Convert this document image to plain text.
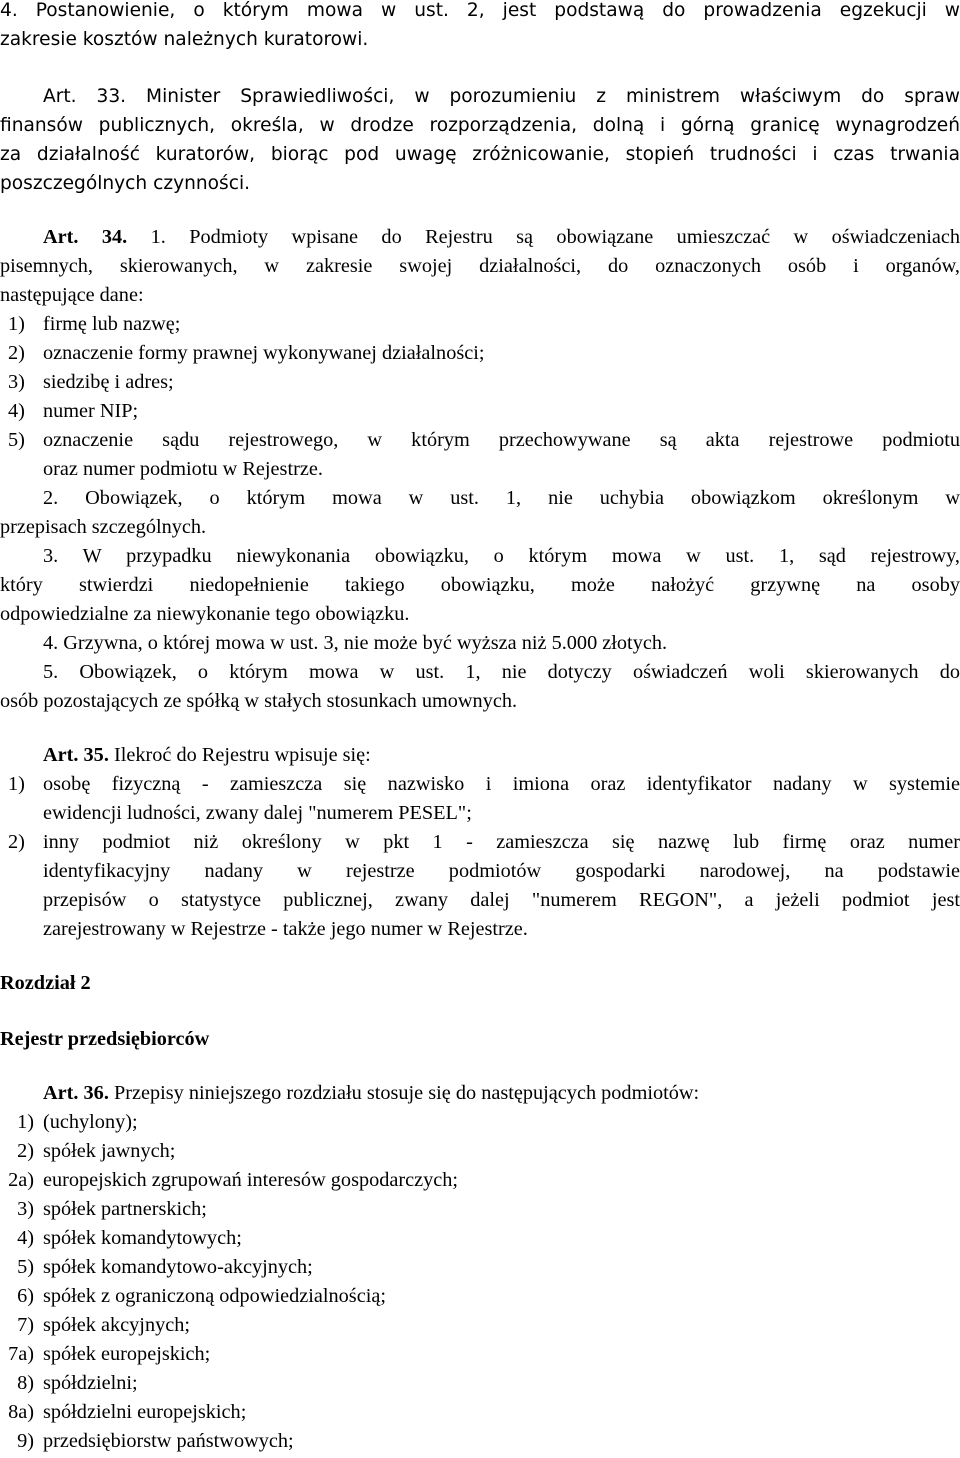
4. Postanowienie, o którym mowa w ust. 2, jest podstawą do prowadzenia egzekucji w
zakresie kosztów należnych kuratorowi.
Art. 33. Minister Sprawiedliwości, w porozumieniu z ministrem właściwym do spraw
finansów publicznych, określa, w drodze rozporządzenia, dolną i górną granicę wynagrodzeń
za działalność kuratorów, biorąc pod uwagę zróżnicowanie, stopień trudności i czas trwania
poszczególnych czynności.
Art. 34. 1. Podmioty wpisane do Rejestru są obowiązane umieszczać w oświadczeniach
pisemnych, skierowanych, w zakresie swojej działalności, do oznaczonych osób i organów,
następujące dane:
1) firmę lub nazwę;
2) oznaczenie formy prawnej wykonywanej działalności;
3) siedzibę i adres;
4) numer NIP;
5) oznaczenie sądu rejestrowego, w którym przechowywane są akta rejestrowe podmiotu
oraz numer podmiotu w Rejestrze.
2. Obowiązek, o którym mowa w ust. 1, nie uchybia obowiązkom określonym w
przepisach szczególnych.
3. W przypadku niewykonania obowiązku, o którym mowa w ust. 1, sąd rejestrowy,
który stwierdzi niedopełnienie takiego obowiązku, może nałożyć grzywnę na osoby
odpowiedzialne za niewykonanie tego obowiązku.
4. Grzywna, o której mowa w ust. 3, nie może być wyższa niż 5.000 złotych.
5. Obowiązek, o którym mowa w ust. 1, nie dotyczy oświadczeń woli skierowanych do
osób pozostających ze spółką w stałych stosunkach umownych.
Art. 35. Ilekroć do Rejestru wpisuje się:
1) osobę fizyczną - zamieszcza się nazwisko i imiona oraz identyfikator nadany w systemie
ewidencji ludności, zwany dalej "numerem PESEL";
2) inny podmiot niż określony w pkt 1 - zamieszcza się nazwę lub firmę oraz numer
identyfikacyjny nadany w rejestrze podmiotów gospodarki narodowej, na podstawie
przepisów o statystyce publicznej, zwany dalej "numerem REGON", a jeżeli podmiot jest
zarejestrowany w Rejestrze - także jego numer w Rejestrze.
Rozdział 2
Rejestr przedsiębiorców
Art. 36. Przepisy niniejszego rozdziału stosuje się do następujących podmiotów:
1) (uchylony);
2) spółek jawnych;
2a) europejskich zgrupowań interesów gospodarczych;
3) spółek partnerskich;
4) spółek komandytowych;
5) spółek komandytowo-akcyjnych;
6) spółek z ograniczoną odpowiedzialnością;
7) spółek akcyjnych;
7a) spółek europejskich;
8) spółdzielni;
8a) spółdzielni europejskich;
9) przedsiębiorstw państwowych;
